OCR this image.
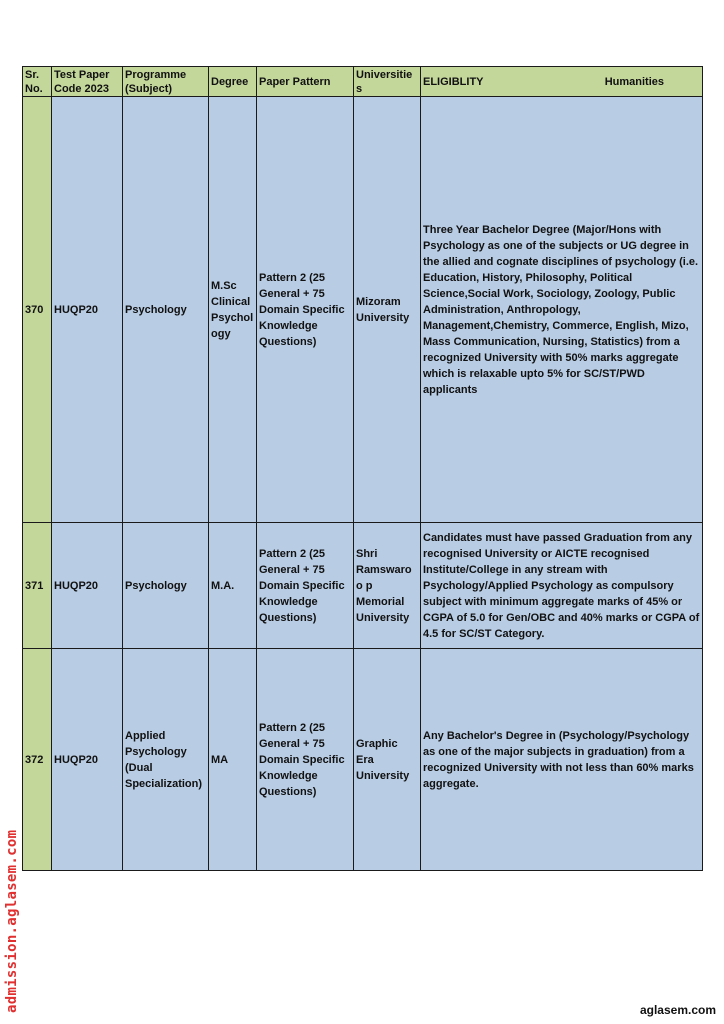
Sr. No.	Test Paper Code 2023	Programme (Subject)	Degree	Paper Pattern	Universities	ELIGIBLITY Humanities

370	HUQP20	Psychology	M.Sc Clinical Psychol ogy	Pattern 2 (25 General + 75 Domain Specific Knowledge Questions)	Mizoram University	Three Year Bachelor Degree (Major/Hons with Psychology as one of the subjects or UG degree in the allied and cognate disciplines of psychology (i.e. Education, History, Philosophy, Political Science,Social Work, Sociology, Zoology, Public Administration, Anthropology, Management,Chemistry, Commerce, English, Mizo, Mass Communication, Nursing, Statistics) from a recognized University with 50% marks aggregate which is relaxable upto 5% for SC/ST/PWD applicants
371	HUQP20	Psychology	M.A.	Pattern 2 (25 General + 75 Domain Specific Knowledge Questions)	Shri Ramswaroo p Memorial University	Candidates must have passed Graduation from any recognised University or AICTE recognised Institute/College in any stream with Psychology/Applied Psychology as compulsory subject with minimum aggregate marks of 45% or CGPA of 5.0 for Gen/OBC and 40% marks or CGPA of 4.5 for SC/ST Category.
372	HUQP20	Applied Psychology (Dual Specialization)	MA	Pattern 2 (25 General + 75 Domain Specific Knowledge Questions)	Graphic Era University	Any Bachelor's Degree in (Psychology/Psychology as one of the major subjects in graduation) from a recognized University with not less than 60% marks aggregate.
admission.aglasem.com	aglasem.com
